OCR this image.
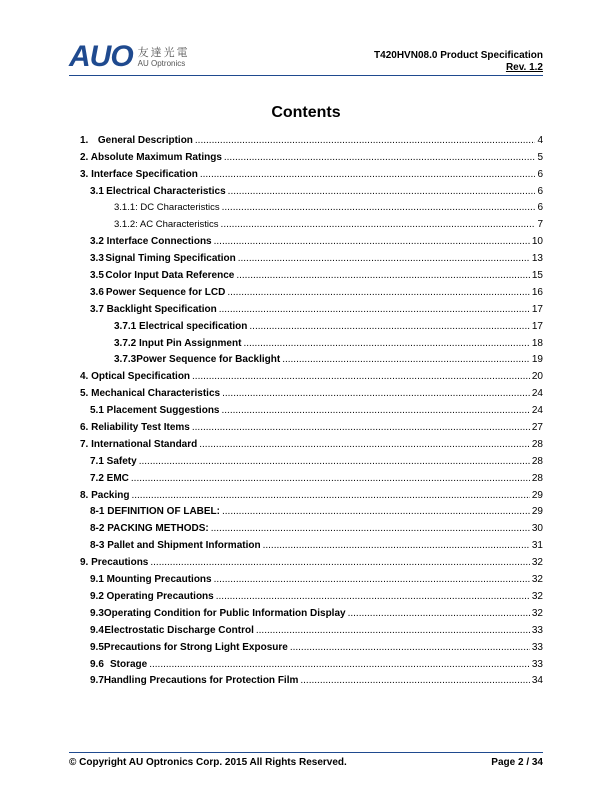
AUO 友達光電
AU Optronics
T420HVN08.0 Product Specification
Rev. 1.2
Contents
1. General Description .....	4
2. Absolute Maximum Ratings .....	5
3. Interface Specification .....	6
3.1 Electrical Characteristics .....	6
3.1.1: DC Characteristics .....	6
3.1.2: AC Characteristics .....	7
3.2 Interface Connections .....	10
3.3 Signal Timing Specification .....	13
3.5 Color Input Data Reference .....	15
3.6 Power Sequence for LCD .....	16
3.7 Backlight Specification .....	17
3.7.1 Electrical specification .....	17
3.7.2 Input Pin Assignment .....	18
3.7.3 Power Sequence for Backlight .....	19
4. Optical Specification .....	20
5. Mechanical Characteristics .....	24
5.1 Placement Suggestions .....	24
6. Reliability Test Items .....	27
7. International Standard .....	28
7.1 Safety .....	28
7.2 EMC .....	28
8. Packing .....	29
8-1 DEFINITION OF LABEL: .....	29
8-2 PACKING METHODS: .....	30
8-3 Pallet and Shipment Information .....	31
9. Precautions .....	32
9.1 Mounting Precautions .....	32
9.2 Operating Precautions .....	32
9.3 Operating Condition for Public Information Display .....	32
9.4 Electrostatic Discharge Control .....	33
9.5 Precautions for Strong Light Exposure .....	33
9.6 Storage .....	33
9.7 Handling Precautions for Protection Film .....	34
© Copyright AU Optronics Corp. 2015 All Rights Reserved.	Page 2 / 34
